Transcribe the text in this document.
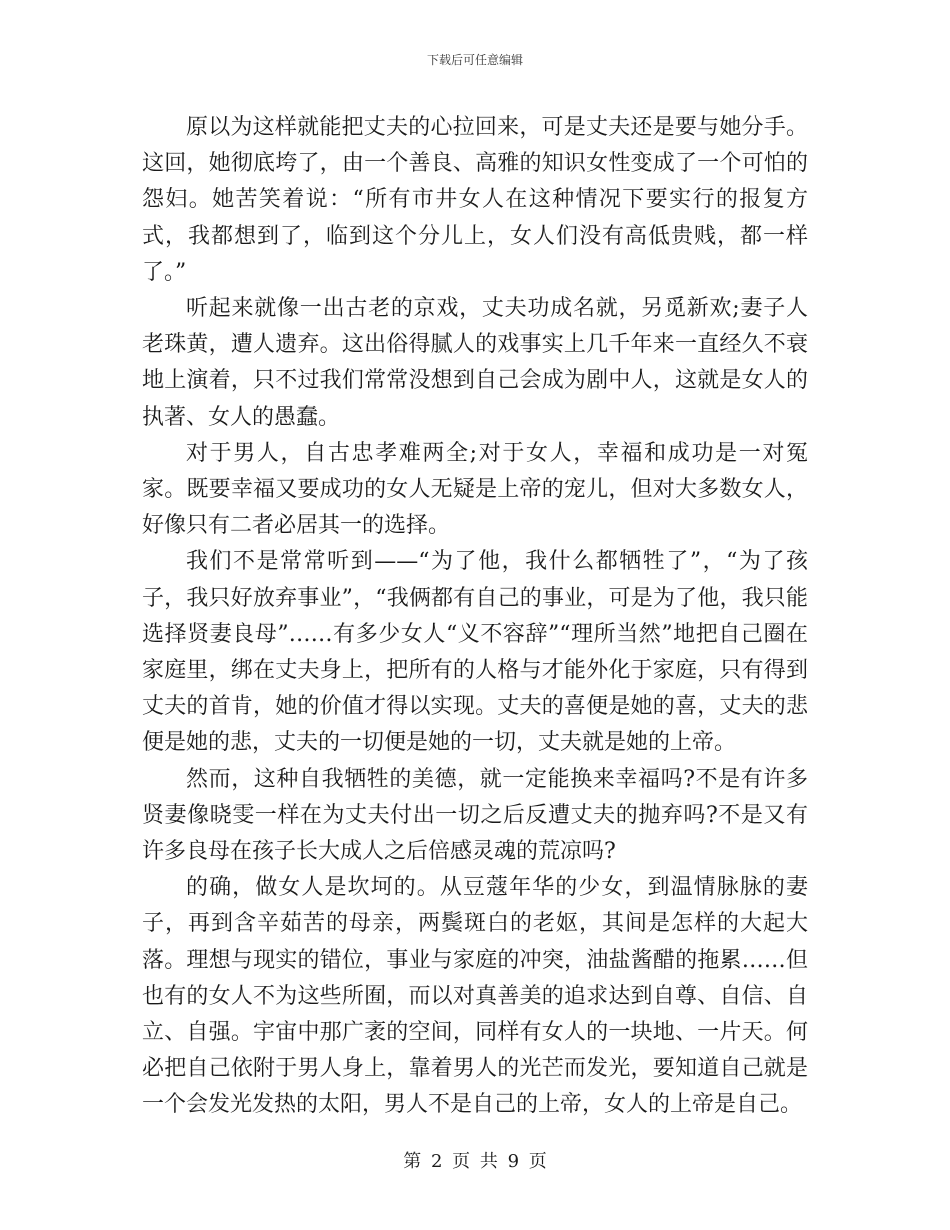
下载后可任意编辑

原以为这样就能把丈夫的心拉回来，可是丈夫还是要与她分手。这回，她彻底垮了，由一个善良、高雅的知识女性变成了一个可怕的怨妇。她苦笑着说：“所有市井女人在这种情况下要实行的报复方式，我都想到了，临到这个分儿上，女人们没有高低贵贱，都一样了。”

听起来就像一出古老的京戏，丈夫功成名就，另觅新欢;妻子人老珠黄，遭人遗弃。这出俗得腻人的戏事实上几千年来一直经久不衰地上演着，只不过我们常常没想到自己会成为剧中人，这就是女人的执著、女人的愚蠢。

对于男人，自古忠孝难两全;对于女人，幸福和成功是一对冤家。既要幸福又要成功的女人无疑是上帝的宠儿，但对大多数女人，好像只有二者必居其一的选择。

我们不是常常听到——“为了他，我什么都牺牲了”，“为了孩子，我只好放弃事业”，“我俩都有自己的事业，可是为了他，我只能选择贤妻良母”……有多少女人“义不容辞”“理所当然”地把自己圈在家庭里，绑在丈夫身上，把所有的人格与才能外化于家庭，只有得到丈夫的首肯，她的价值才得以实现。丈夫的喜便是她的喜，丈夫的悲便是她的悲，丈夫的一切便是她的一切，丈夫就是她的上帝。

然而，这种自我牺牲的美德，就一定能换来幸福吗?不是有许多贤妻像晓雯一样在为丈夫付出一切之后反遭丈夫的抛弃吗?不是又有许多良母在孩子长大成人之后倍感灵魂的荒凉吗?

的确，做女人是坎坷的。从豆蔻年华的少女，到温情脉脉的妻子，再到含辛茹苦的母亲，两鬓斑白的老妪，其间是怎样的大起大落。理想与现实的错位，事业与家庭的冲突，油盐酱醋的拖累……但也有的女人不为这些所囿，而以对真善美的追求达到自尊、自信、自立、自强。宇宙中那广袤的空间，同样有女人的一块地、一片天。何必把自己依附于男人身上，靠着男人的光芒而发光，要知道自己就是一个会发光发热的太阳，男人不是自己的上帝，女人的上帝是自己。

第 2 页 共 9 页
